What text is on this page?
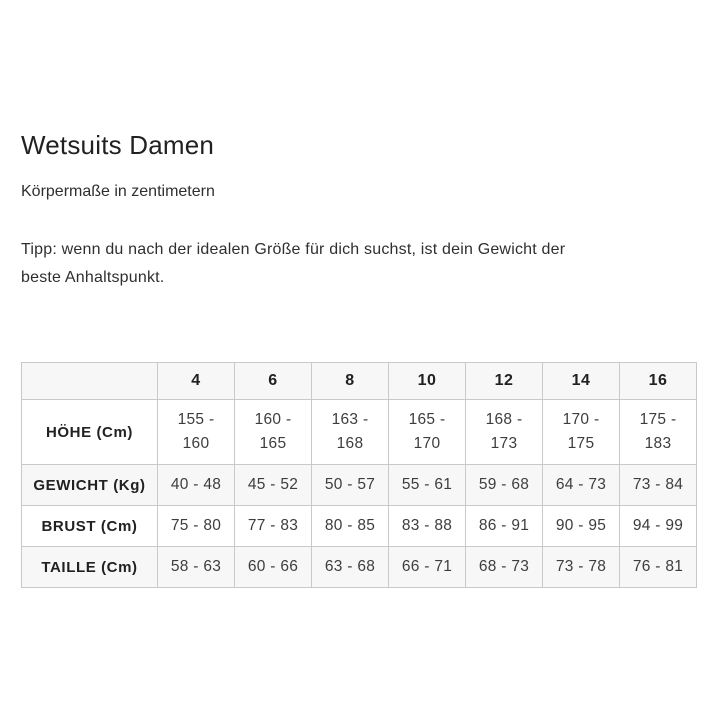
Wetsuits Damen

Körpermaße in zentimetern

Tipp: wenn du nach der idealen Größe für dich suchst, ist dein Gewicht der
beste Anhaltspunkt.

	4	6	8	10	12	14	16
HÖHE (Cm)	155 - 160	160 - 165	163 - 168	165 - 170	168 - 173	170 - 175	175 - 183
GEWICHT (Kg)	40 - 48	45 - 52	50 - 57	55 - 61	59 - 68	64 - 73	73 - 84
BRUST (Cm)	75 - 80	77 - 83	80 - 85	83 - 88	86 - 91	90 - 95	94 - 99
TAILLE (Cm)	58 - 63	60 - 66	63 - 68	66 - 71	68 - 73	73 - 78	76 - 81
